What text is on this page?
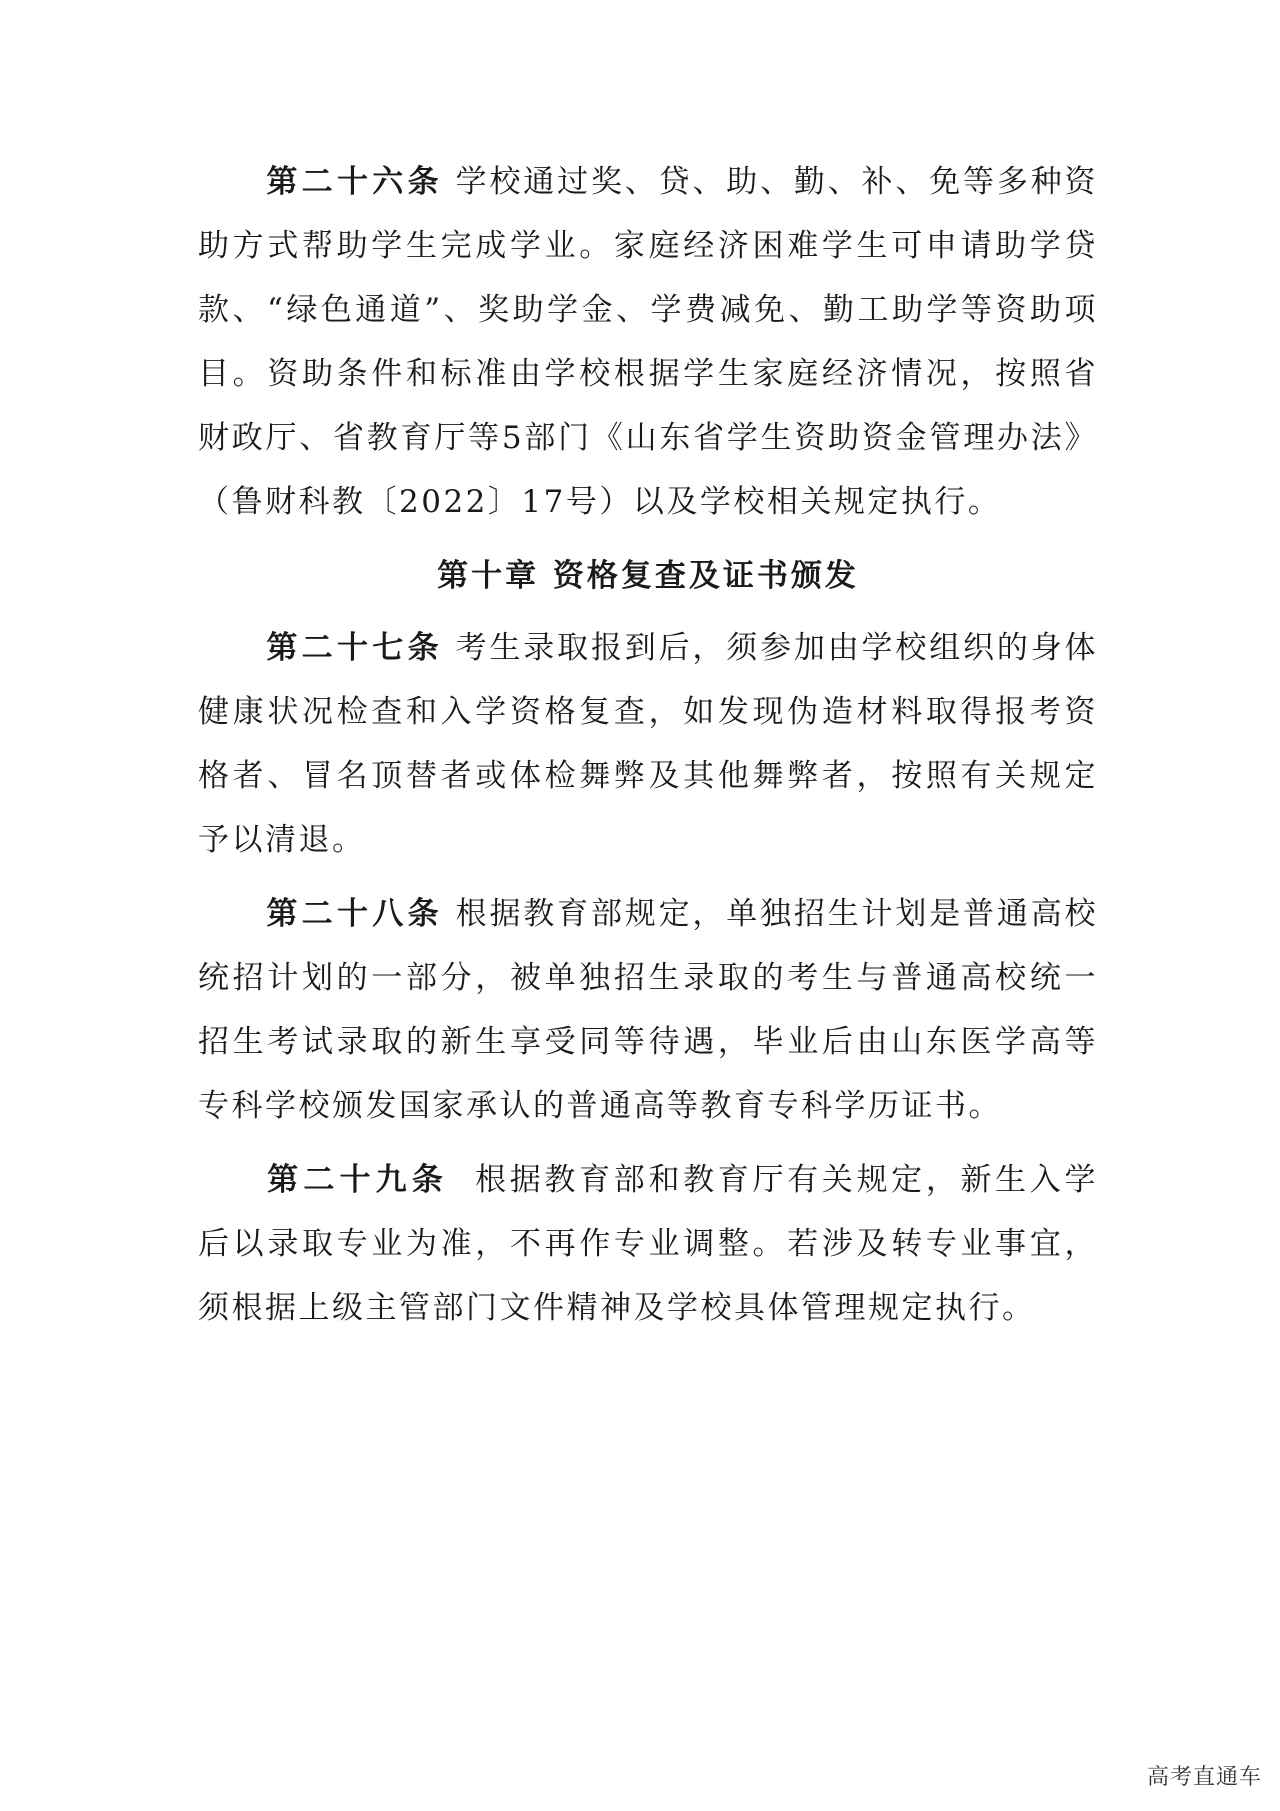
第二十六条 学校通过奖、贷、助、勤、补、免等多种资助方式帮助学生完成学业。家庭经济困难学生可申请助学贷款、“绿色通道”、奖助学金、学费减免、勤工助学等资助项目。资助条件和标准由学校根据学生家庭经济情况，按照省财政厅、省教育厅等5部门《山东省学生资助资金管理办法》（鲁财科教〔2022〕17号）以及学校相关规定执行。

第十章 资格复查及证书颁发

第二十七条 考生录取报到后，须参加由学校组织的身体健康状况检查和入学资格复查，如发现伪造材料取得报考资格者、冒名顶替者或体检舞弊及其他舞弊者，按照有关规定予以清退。

第二十八条 根据教育部规定，单独招生计划是普通高校统招计划的一部分，被单独招生录取的考生与普通高校统一招生考试录取的新生享受同等待遇，毕业后由山东医学高等专科学校颁发国家承认的普通高等教育专科学历证书。

第二十九条 根据教育部和教育厅有关规定，新生入学后以录取专业为准，不再作专业调整。若涉及转专业事宜，须根据上级主管部门文件精神及学校具体管理规定执行。

高考直通车
